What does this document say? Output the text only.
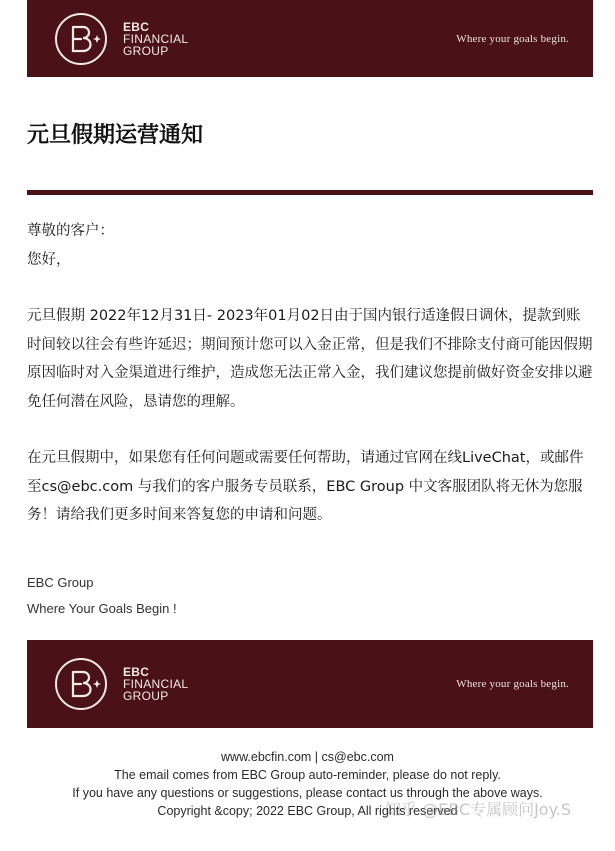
EBC
FINANCIAL
GROUP
Where your goals begin.
元旦假期运营通知
尊敬的客户：
您好，

元旦假期 2022年12月31日- 2023年01月02日由于国内银行适逢假日调休，提款到账时间较以往会有些许延迟；期间预计您可以入金正常，但是我们不排除支付商可能因假期原因临时对入金渠道进行维护，造成您无法正常入金，我们建议您提前做好资金安排以避免任何潜在风险，恳请您的理解。

在元旦假期中，如果您有任何问题或需要任何帮助，请通过官网在线LiveChat，或邮件至cs@ebc.com 与我们的客户服务专员联系，EBC Group 中文客服团队将无休为您服务！请给我们更多时间来答复您的申请和问题。

EBC Group
Where Your Goals Begin !
EBC
FINANCIAL
GROUP
Where your goals begin.
www.ebcfin.com | cs@ebc.com
The email comes from EBC Group auto-reminder, please do not reply.
If you have any questions or suggestions, please contact us through the above ways.
Copyright &copy; 2022 EBC Group, All rights reserved
知乎 @EBC专属顾问Joy.S
